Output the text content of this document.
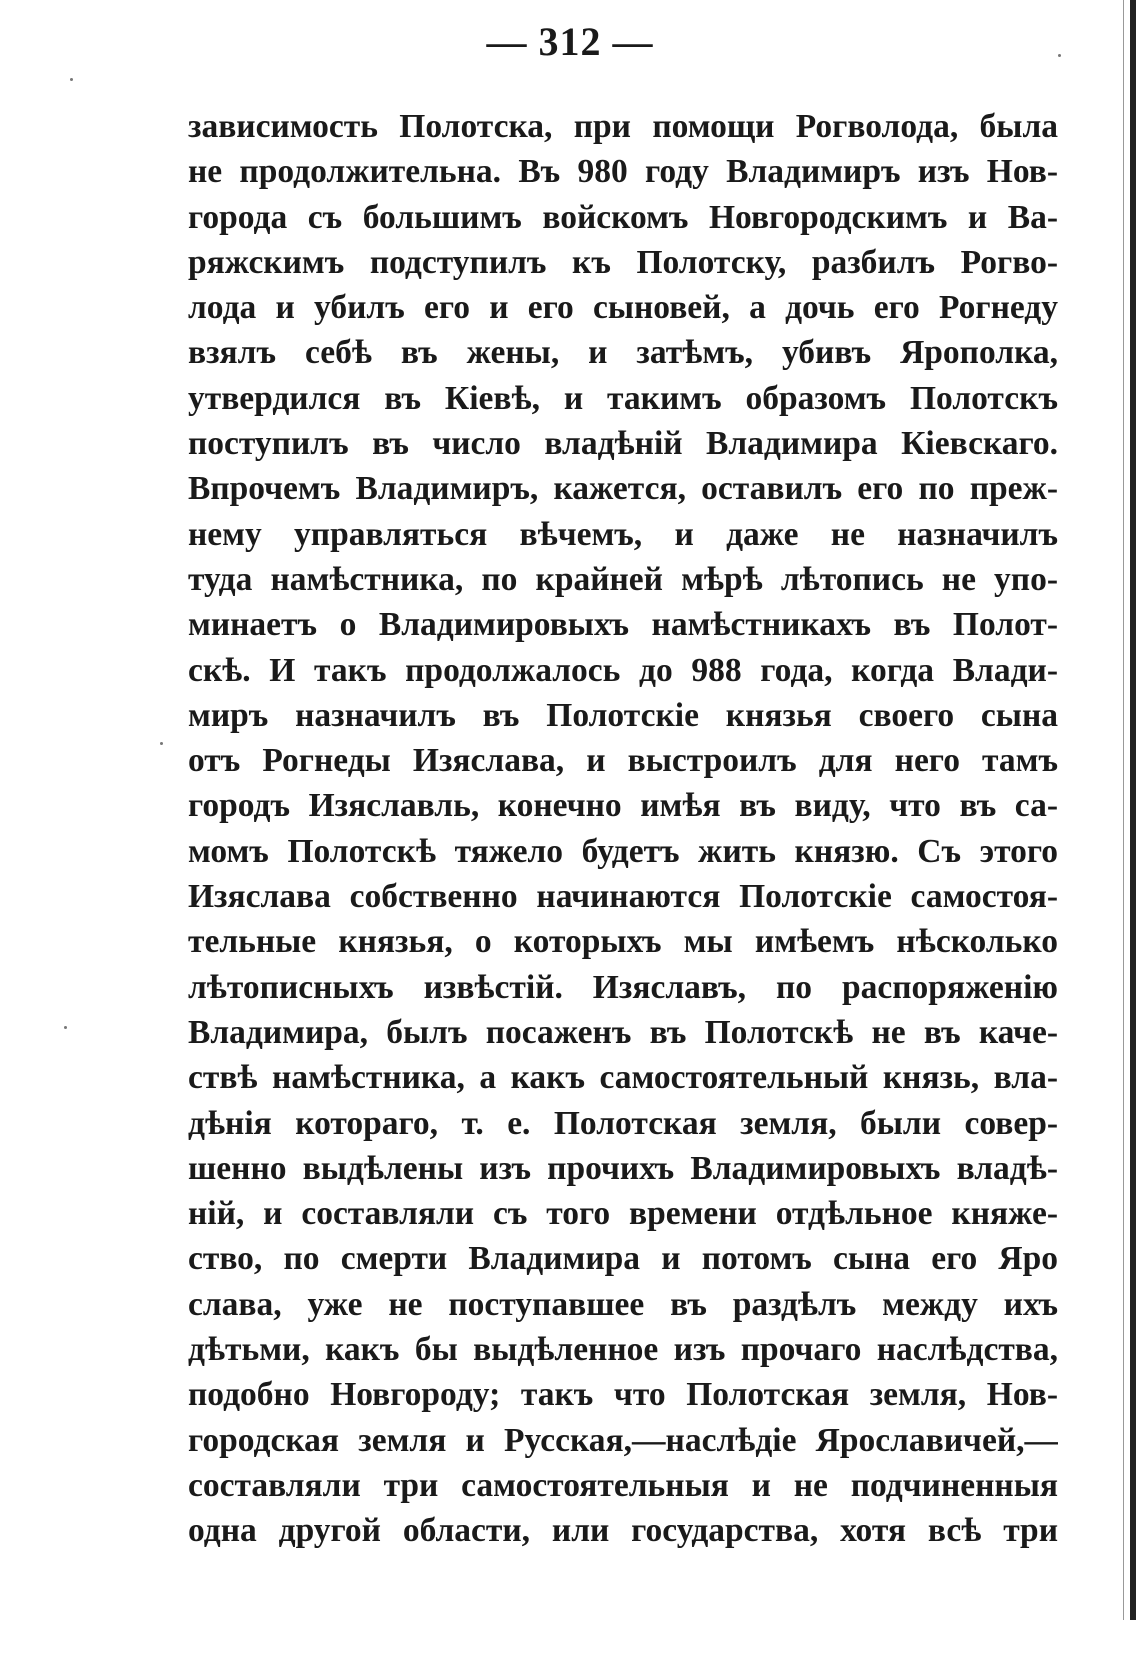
— 312 —
зависимость Полотска, при помощи Рогволода, была
не продолжительна. Въ 980 году Владимиръ изъ Нов-
города съ большимъ войскомъ Новгородскимъ и Ва-
ряжскимъ подступилъ къ Полотску, разбилъ Рогво-
лода и убилъ его и его сыновей, а дочь его Рогнеду
взялъ себѣ въ жены, и затѣмъ, убивъ Ярополка,
утвердился въ Кіевѣ, и такимъ образомъ Полотскъ
поступилъ въ число владѣній Владимира Кіевскаго.
Впрочемъ Владимиръ, кажется, оставилъ его по преж-
нему управляться вѣчемъ, и даже не назначилъ
туда намѣстника, по крайней мѣрѣ лѣтопись не упо-
минаетъ о Владимировыхъ намѣстникахъ въ Полот-
скѣ. И такъ продолжалось до 988 года, когда Влади-
миръ назначилъ въ Полотскіе князья своего сына
отъ Рогнеды Изяслава, и выстроилъ для него тамъ
городъ Изяславль, конечно имѣя въ виду, что въ са-
момъ Полотскѣ тяжело будетъ жить князю. Съ этого
Изяслава собственно начинаются Полотскіе самостоя-
тельные князья, о которыхъ мы имѣемъ нѣсколько
лѣтописныхъ извѣстій. Изяславъ, по распоряженію
Владимира, былъ посаженъ въ Полотскѣ не въ каче-
ствѣ намѣстника, а какъ самостоятельный князь, вла-
дѣнія котораго, т. е. Полотская земля, были совер-
шенно выдѣлены изъ прочихъ Владимировыхъ владѣ-
ній, и составляли съ того времени отдѣльное княже-
ство, по смерти Владимира и потомъ сына его Яро
слава, уже не поступавшее въ раздѣлъ между ихъ
дѣтьми, какъ бы выдѣленное изъ прочаго наслѣдства,
подобно Новгороду; такъ что Полотская земля, Нов-
городская земля и Русская,—наслѣдіе Ярославичей,—
составляли три самостоятельныя и не подчиненныя
одна другой области, или государства, хотя всѣ три
